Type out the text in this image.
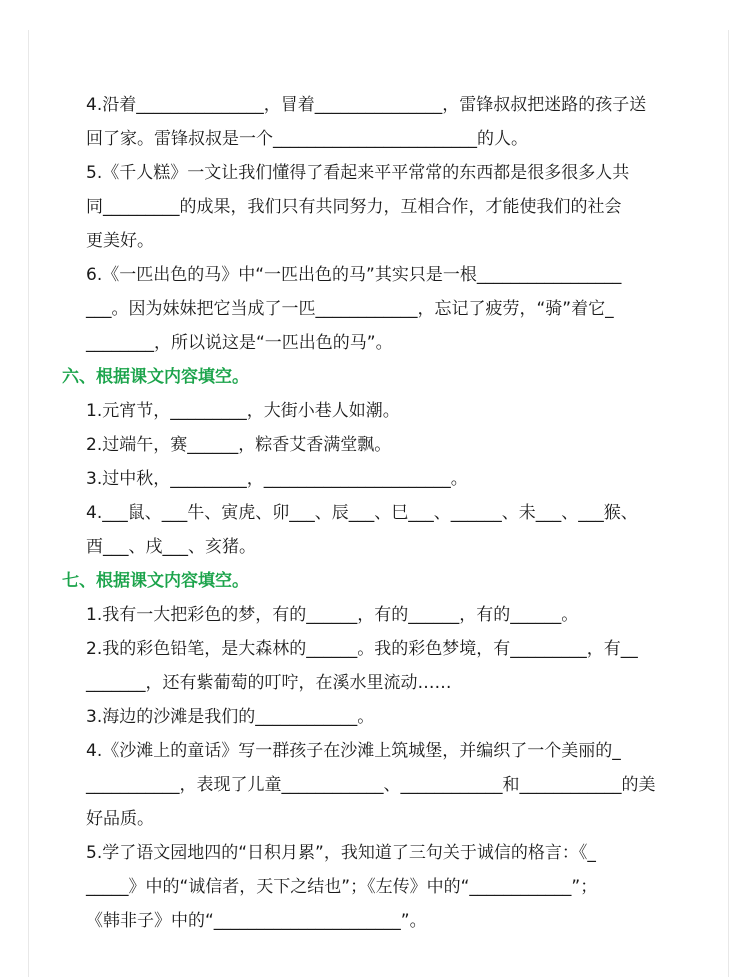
4.沿着_______________，冒着_______________，雷锋叔叔把迷路的孩子送
回了家。雷锋叔叔是一个________________________的人。
5.《千人糕》一文让我们懂得了看起来平平常常的东西都是很多很多人共
同_________的成果，我们只有共同努力，互相合作，才能使我们的社会
更美好。
6.《一匹出色的马》中“一匹出色的马”其实只是一根_________________
___。因为妹妹把它当成了一匹____________，忘记了疲劳，“骑”着它_
________，所以说这是“一匹出色的马”。
六、根据课文内容填空。
1.元宵节，_________，大街小巷人如潮。
2.过端午，赛______，粽香艾香满堂飘。
3.过中秋，_________，______________________。
4.___鼠、___牛、寅虎、卯___、辰___、巳___、______、未___、___猴、
酉___、戌___、亥猪。
七、根据课文内容填空。
1.我有一大把彩色的梦，有的______，有的______，有的______。
2.我的彩色铅笔，是大森林的______。我的彩色梦境，有_________，有__
_______，还有紫葡萄的叮咛，在溪水里流动……
3.海边的沙滩是我们的____________。
4.《沙滩上的童话》写一群孩子在沙滩上筑城堡，并编织了一个美丽的_
___________，表现了儿童____________、____________和____________的美
好品质。
5.学了语文园地四的“日积月累”，我知道了三句关于诚信的格言：《_
_____》中的“诚信者，天下之结也”；《左传》中的“____________”；
《韩非子》中的“______________________”。
